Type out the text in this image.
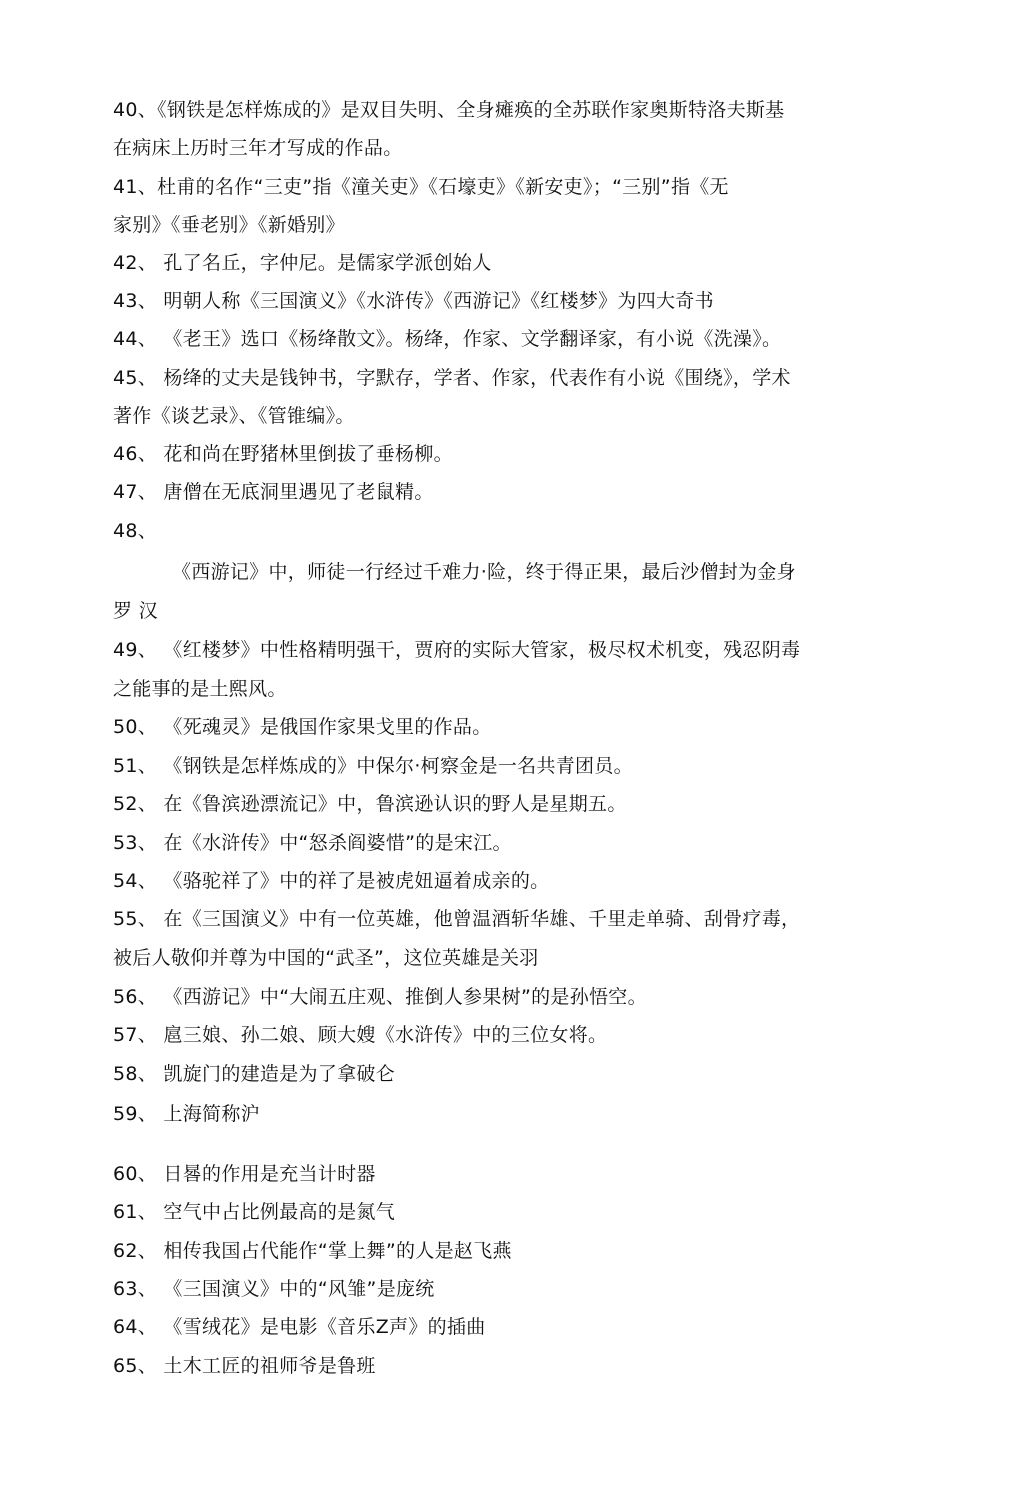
40、《钢铁是怎样炼成的》是双目失明、全身瘫痪的全苏联作家奥斯特洛夫斯基
在病床上历时三年才写成的作品。
41、杜甫的名作“三吏”指《潼关吏》《石壕吏》《新安吏》；“三别”指《无
家别》《垂老别》《新婚别》
42、 孔了名丘，字仲尼。是儒家学派创始人
43、 明朝人称《三国演义》《水浒传》《西游记》《红楼梦》为四大奇书
44、 《老王》选口《杨绛散文》。杨绛，作家、文学翻译家，有小说《洗澡》。
45、 杨绛的丈夫是钱钟书，字默存，学者、作家，代表作有小说《围绕》，学术
著作《谈艺录》、《管锥编》。
46、 花和尚在野猪林里倒拔了垂杨柳。
47、 唐僧在无底洞里遇见了老鼠精。
48、
《西游记》中，师徒一行经过千难力·险，终于得正果，最后沙僧封为金身
罗 汉
49、 《红楼梦》中性格精明强干，贾府的实际大管家，极尽权术机变，残忍阴毒
之能事的是土熙风。
50、 《死魂灵》是俄国作家果戈里的作品。
51、 《钢铁是怎样炼成的》中保尔·柯察金是一名共青团员。
52、 在《鲁滨逊漂流记》中，鲁滨逊认识的野人是星期五。
53、 在《水浒传》中“怒杀阎婆惜”的是宋江。
54、 《骆驼祥了》中的祥了是被虎妞逼着成亲的。
55、 在《三国演义》中有一位英雄，他曾温酒斩华雄、千里走单骑、刮骨疗毒，
被后人敬仰并尊为中国的“武圣”，这位英雄是关羽
56、 《西游记》中“大闹五庄观、推倒人参果树”的是孙悟空。
57、 扈三娘、孙二娘、顾大嫂《水浒传》中的三位女将。
58、 凯旋门的建造是为了拿破仑
59、 上海简称沪
60、 日晷的作用是充当计时器
61、 空气中占比例最高的是氮气
62、 相传我国占代能作“掌上舞”的人是赵飞燕
63、 《三国演义》中的“风雏”是庞统
64、 《雪绒花》是电影《音乐Z声》的插曲
65、 土木工匠的祖师爷是鲁班
